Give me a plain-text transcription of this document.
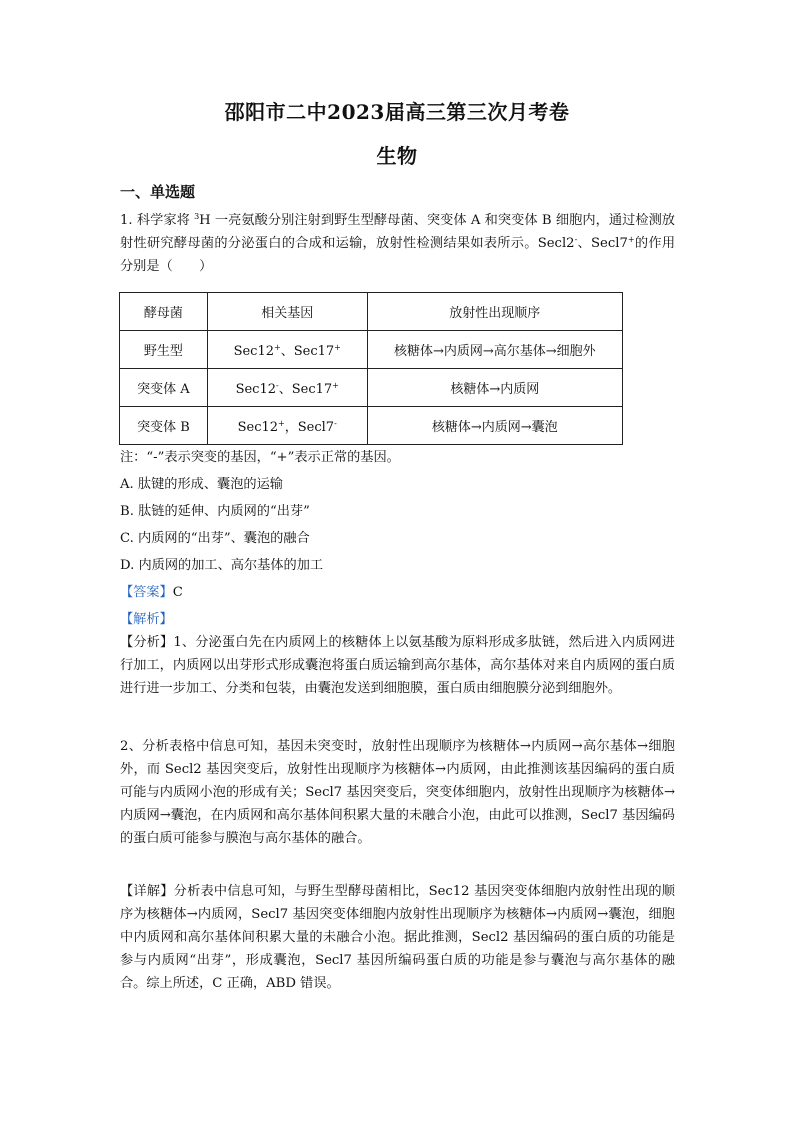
邵阳市二中2023届高三第三次月考卷
生物
一、单选题
1. 科学家将 $^3$H 一亮氨酸分别注射到野生型酵母菌、突变体 A 和突变体 B 细胞内，通过检测放射性研究酵母菌的分泌蛋白的合成和运输，放射性检测结果如表所示。Secl2-、Secl7+的作用分别是（　　）
酵母菌	相关基因	放射性出现顺序
野生型	Sec12+、Sec17+	核糖体→内质网→高尔基体→细胞外
突变体 A	Sec12-、Sec17+	核糖体→内质网
突变体 B	Sec12+，Secl7-	核糖体→内质网→囊泡
注：“-”表示突变的基因，“+”表示正常的基因。
A. 肽键的形成、囊泡的运输
B. 肽链的延伸、内质网的“出芽”
C. 内质网的“出芽”、囊泡的融合
D. 内质网的加工、高尔基体的加工
【答案】C
【解析】
【分析】1、分泌蛋白先在内质网上的核糖体上以氨基酸为原料形成多肽链，然后进入内质网进行加工，内质网以出芽形式形成囊泡将蛋白质运输到高尔基体，高尔基体对来自内质网的蛋白质进行进一步加工、分类和包装，由囊泡发送到细胞膜，蛋白质由细胞膜分泌到细胞外。
2、分析表格中信息可知，基因未突变时，放射性出现顺序为核糖体→内质网→高尔基体→细胞外，而 Secl2 基因突变后，放射性出现顺序为核糖体→内质网，由此推测该基因编码的蛋白质可能与内质网小泡的形成有关；Secl7 基因突变后，突变体细胞内，放射性出现顺序为核糖体→内质网→囊泡，在内质网和高尔基体间积累大量的未融合小泡，由此可以推测，Secl7 基因编码的蛋白质可能参与膜泡与高尔基体的融合。
【详解】分析表中信息可知，与野生型酵母菌相比，Sec12 基因突变体细胞内放射性出现的顺序为核糖体→内质网，Secl7 基因突变体细胞内放射性出现顺序为核糖体→内质网→囊泡，细胞中内质网和高尔基体间积累大量的未融合小泡。据此推测，Secl2 基因编码的蛋白质的功能是参与内质网“出芽”，形成囊泡，Secl7 基因所编码蛋白质的功能是参与囊泡与高尔基体的融合。综上所述，C 正确，ABD 错误。
